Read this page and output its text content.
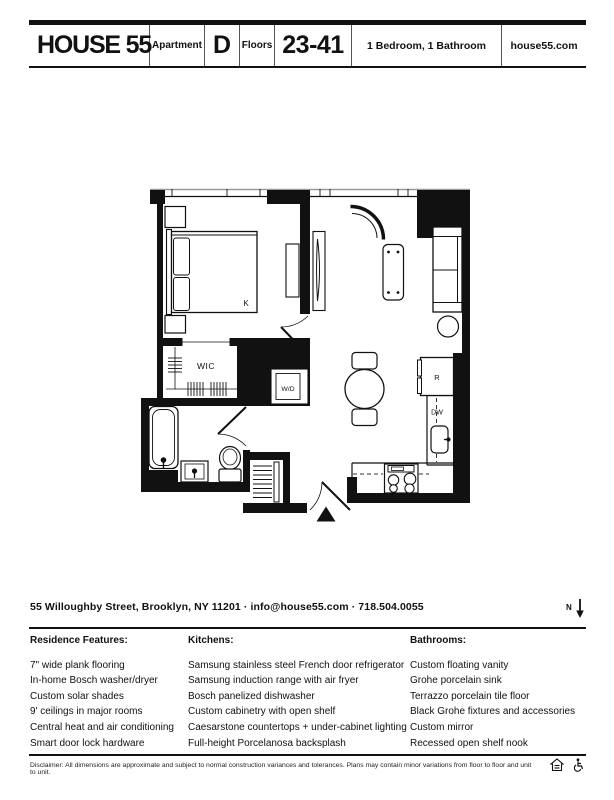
HOUSE 55 Apartment D	Floors 23-41	1 Bedroom, 1 Bathroom	house55.com
W/D
K
WIC
R
DW
55 Willoughby Street, Brooklyn, NY 11201 · info@house55.com · 718.504.0055	N
Residence Features:
7" wide plank flooring
In-home Bosch washer/dryer
Custom solar shades
9' ceilings in major rooms
Central heat and air conditioning
Smart door lock hardware
Kitchens:
Samsung stainless steel French door refrigerator
Samsung induction range with air fryer
Bosch panelized dishwasher
Custom cabinetry with open shelf
Caesarstone countertops + under-cabinet lighting
Full-height Porcelanosa backsplash
Bathrooms:
Custom floating vanity
Grohe porcelain sink
Terrazzo porcelain tile floor
Black Grohe fixtures and accessories
Custom mirror
Recessed open shelf nook
Disclaimer: All dimensions are approximate and subject to normal construction variances and tolerances. Plans may contain minor variations from floor to floor and unit to unit.
